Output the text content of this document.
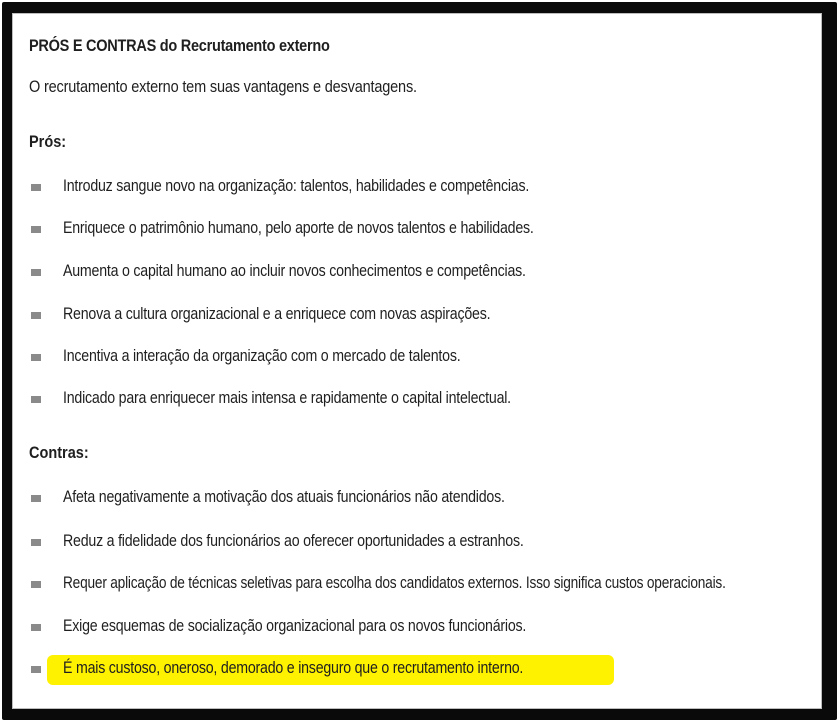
PRÓS E CONTRAS do Recrutamento externo
O recrutamento externo tem suas vantagens e desvantagens.
Prós:
Introduz sangue novo na organização: talentos, habilidades e competências.
Enriquece o patrimônio humano, pelo aporte de novos talentos e habilidades.
Aumenta o capital humano ao incluir novos conhecimentos e competências.
Renova a cultura organizacional e a enriquece com novas aspirações.
Incentiva a interação da organização com o mercado de talentos.
Indicado para enriquecer mais intensa e rapidamente o capital intelectual.
Contras:
Afeta negativamente a motivação dos atuais funcionários não atendidos.
Reduz a fidelidade dos funcionários ao oferecer oportunidades a estranhos.
Requer aplicação de técnicas seletivas para escolha dos candidatos externos. Isso significa custos operacionais.
Exige esquemas de socialização organizacional para os novos funcionários.
É mais custoso, oneroso, demorado e inseguro que o recrutamento interno.
